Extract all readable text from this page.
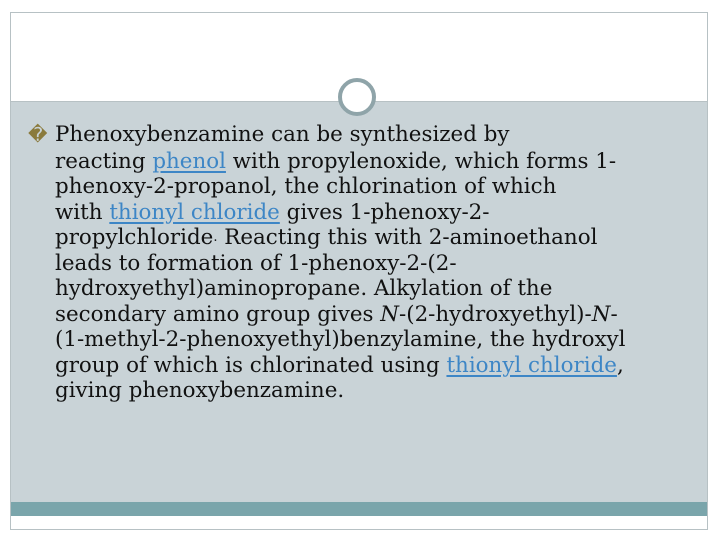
� Phenoxybenzamine can be synthesized by
reacting phenol with propylenoxide, which forms 1-
phenoxy-2-propanol, the chlorination of which
with thionyl chloride gives 1-phenoxy-2-
propylchloride. Reacting this with 2-aminoethanol
leads to formation of 1-phenoxy-2-(2-
hydroxyethyl)aminopropane. Alkylation of the
secondary amino group gives N-(2-hydroxyethyl)-N-
(1-methyl-2-phenoxyethyl)benzylamine, the hydroxyl
group of which is chlorinated using thionyl chloride,
giving phenoxybenzamine.
